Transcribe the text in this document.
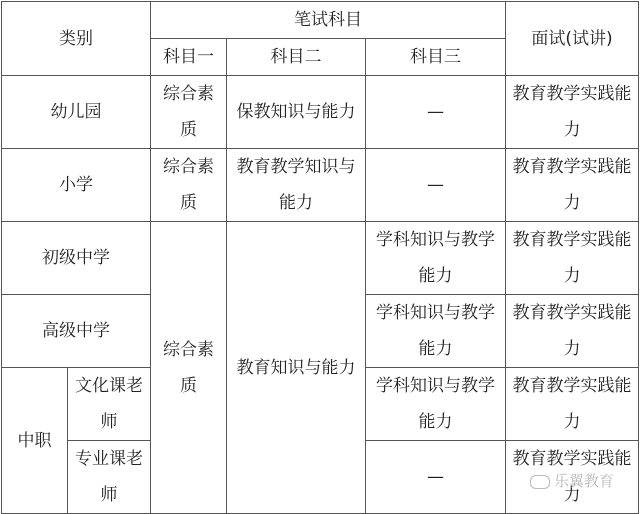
类别		笔试科目			面试(试讲)
		科目一	科目二	科目三	
幼儿园		综合素质	保教知识与能力	—	教育教学实践能力
小学		综合素质	教育教学知识与能力	—	教育教学实践能力
初级中学		综合素质	教育知识与能力	学科知识与教学能力	教育教学实践能力
高级中学				学科知识与教学能力	教育教学实践能力
中职	文化课老师			学科知识与教学能力	教育教学实践能力
	专业课老师			—	教育教学实践能力
乐翼教育
